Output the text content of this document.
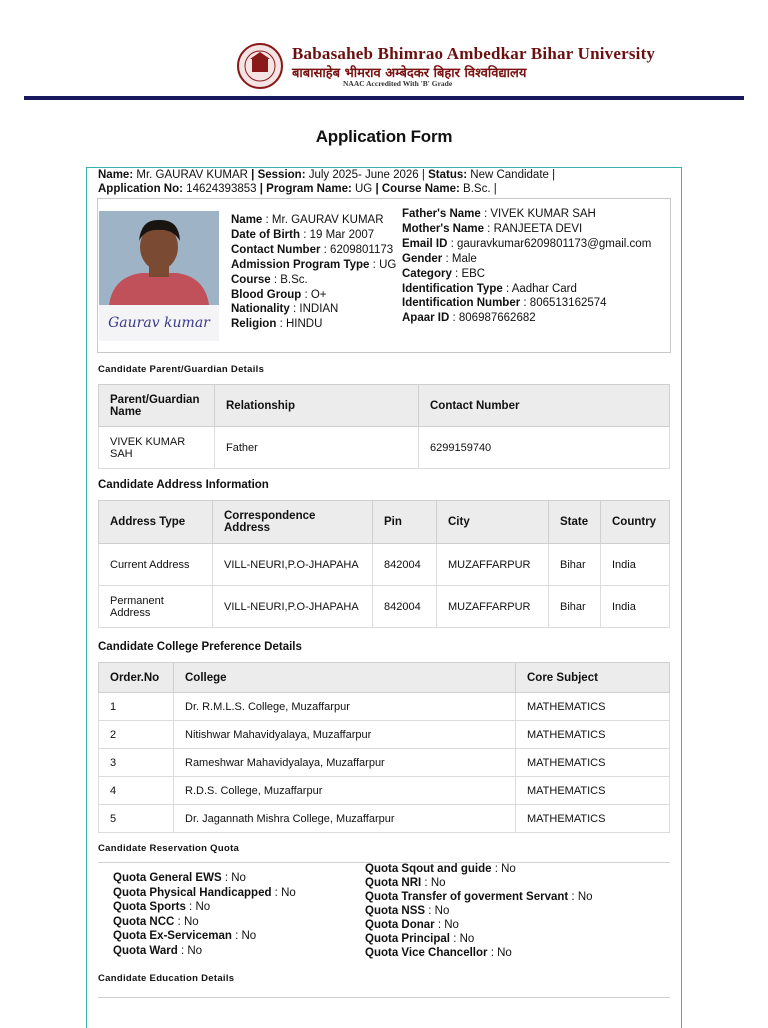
Babasaheb Bhimrao Ambedkar Bihar University
बाबासाहेब भीमराव अम्बेदकर बिहार विश्वविद्यालय
NAAC Accredited With 'B' Grade
Application Form
Name: Mr. GAURAV KUMAR | Session: July 2025- June 2026 | Status: New Candidate |
Application No: 14624393853 | Program Name: UG | Course Name: B.Sc. |
Gaurav kumar
Name : Mr. GAURAV KUMAR
Date of Birth : 19 Mar 2007
Contact Number : 6209801173
Admission Program Type : UG
Course : B.Sc.
Blood Group : O+
Nationality : INDIAN
Religion : HINDU
Father's Name : VIVEK KUMAR SAH
Mother's Name : RANJEETA DEVI
Email ID : gauravkumar6209801173@gmail.com
Gender : Male
Category : EBC
Identification Type : Aadhar Card
Identification Number : 806513162574
Apaar ID : 806987662682
Candidate Parent/Guardian Details
Parent/Guardian Name	Relationship	Contact Number
VIVEK KUMAR SAH	Father	6299159740
Candidate Address Information
Address Type	Correspondence Address	Pin	City	State	Country
Current Address	VILL-NEURI,P.O-JHAPAHA	842004	MUZAFFARPUR	Bihar	India
Permanent Address	VILL-NEURI,P.O-JHAPAHA	842004	MUZAFFARPUR	Bihar	India
Candidate College Preference Details
Order.No	College	Core Subject
1	Dr. R.M.L.S. College, Muzaffarpur	MATHEMATICS
2	Nitishwar Mahavidyalaya, Muzaffarpur	MATHEMATICS
3	Rameshwar Mahavidyalaya, Muzaffarpur	MATHEMATICS
4	R.D.S. College, Muzaffarpur	MATHEMATICS
5	Dr. Jagannath Mishra College, Muzaffarpur	MATHEMATICS
Candidate Reservation Quota
Quota General EWS : No
Quota Physical Handicapped : No
Quota Sports : No
Quota NCC : No
Quota Ex-Serviceman : No
Quota Ward : No
Quota Sqout and guide : No
Quota NRI : No
Quota Transfer of goverment Servant : No
Quota NSS : No
Quota Donar : No
Quota Principal : No
Quota Vice Chancellor : No
Candidate Education Details
